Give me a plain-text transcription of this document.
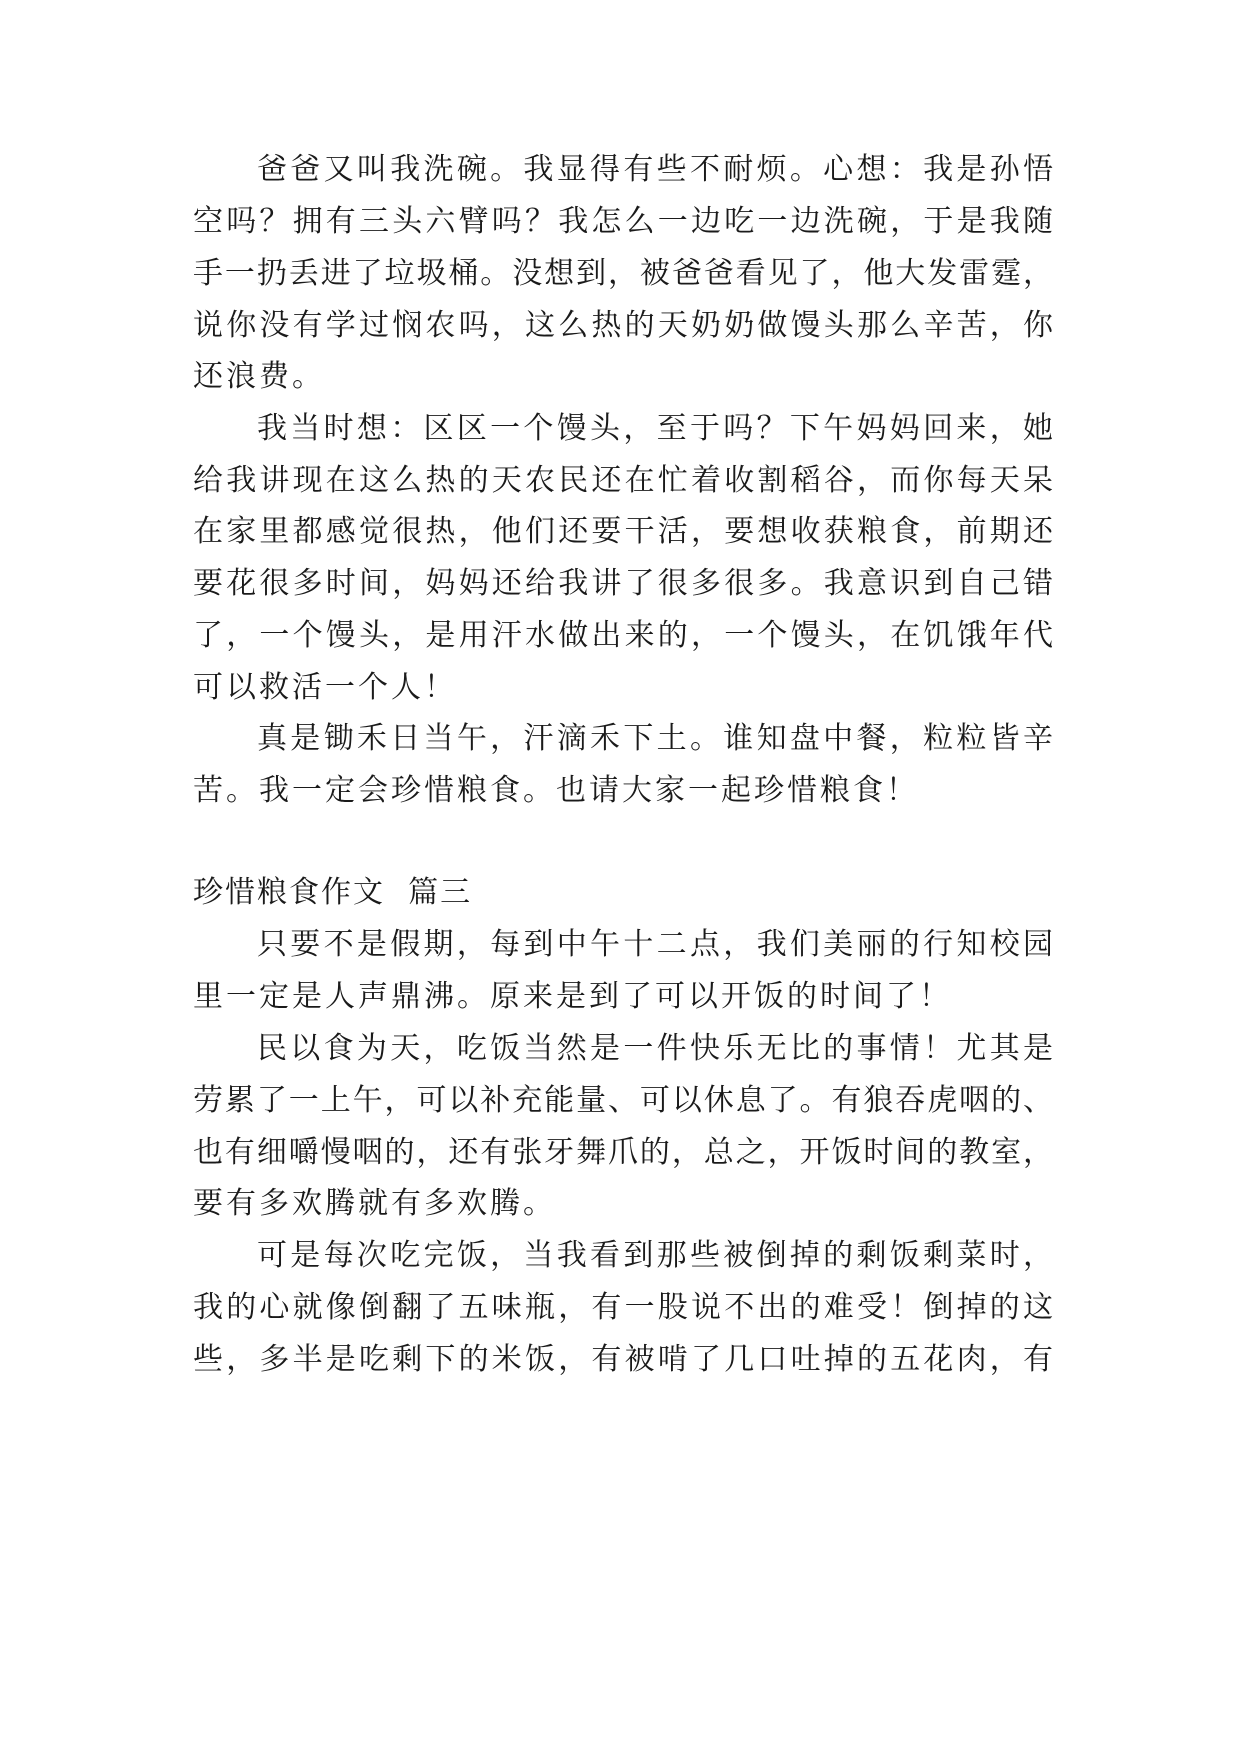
爸爸又叫我洗碗。我显得有些不耐烦。心想：我是孙悟
空吗？拥有三头六臂吗？我怎么一边吃一边洗碗，于是我随
手一扔丢进了垃圾桶。没想到，被爸爸看见了，他大发雷霆，
说你没有学过悯农吗，这么热的天奶奶做馒头那么辛苦，你
还浪费。
我当时想：区区一个馒头，至于吗？下午妈妈回来，她
给我讲现在这么热的天农民还在忙着收割稻谷，而你每天呆
在家里都感觉很热，他们还要干活，要想收获粮食，前期还
要花很多时间，妈妈还给我讲了很多很多。我意识到自己错
了，一个馒头，是用汗水做出来的，一个馒头，在饥饿年代
可以救活一个人！
真是锄禾日当午，汗滴禾下土。谁知盘中餐，粒粒皆辛
苦。我一定会珍惜粮食。也请大家一起珍惜粮食！
珍惜粮食作文  篇三
只要不是假期，每到中午十二点，我们美丽的行知校园
里一定是人声鼎沸。原来是到了可以开饭的时间了！
民以食为天，吃饭当然是一件快乐无比的事情！尤其是
劳累了一上午，可以补充能量、可以休息了。有狼吞虎咽的、
也有细嚼慢咽的，还有张牙舞爪的，总之，开饭时间的教室，
要有多欢腾就有多欢腾。
可是每次吃完饭，当我看到那些被倒掉的剩饭剩菜时，
我的心就像倒翻了五味瓶，有一股说不出的难受！倒掉的这
些，多半是吃剩下的米饭，有被啃了几口吐掉的五花肉，有
